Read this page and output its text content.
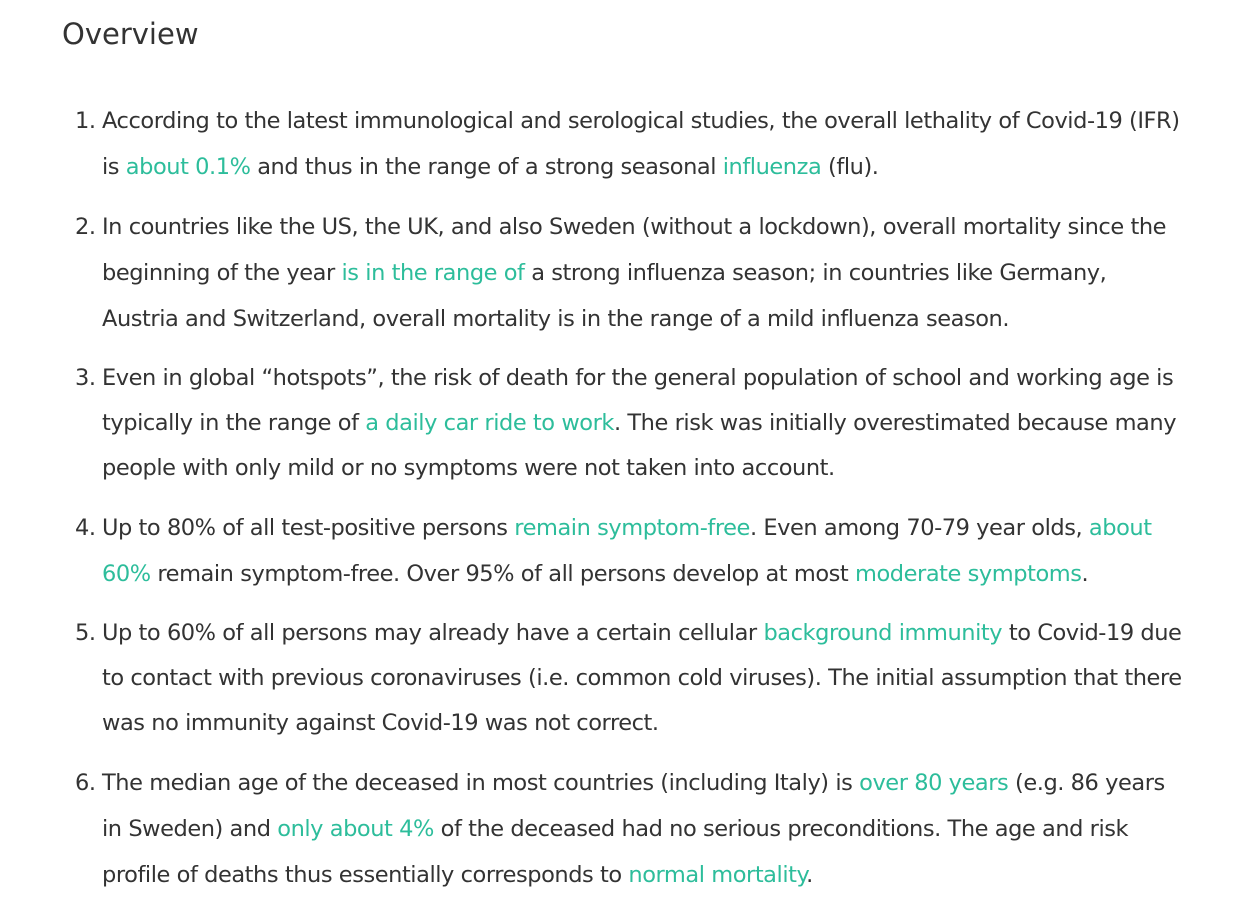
Overview
1. According to the latest immunological and serological studies, the overall lethality of Covid-19 (IFR) is about 0.1% and thus in the range of a strong seasonal influenza (flu).
2. In countries like the US, the UK, and also Sweden (without a lockdown), overall mortality since the beginning of the year is in the range of a strong influenza season; in countries like Germany, Austria and Switzerland, overall mortality is in the range of a mild influenza season.
3. Even in global “hotspots”, the risk of death for the general population of school and working age is typically in the range of a daily car ride to work. The risk was initially overestimated because many people with only mild or no symptoms were not taken into account.
4. Up to 80% of all test-positive persons remain symptom-free. Even among 70-79 year olds, about 60% remain symptom-free. Over 95% of all persons develop at most moderate symptoms.
5. Up to 60% of all persons may already have a certain cellular background immunity to Covid-19 due to contact with previous coronaviruses (i.e. common cold viruses). The initial assumption that there was no immunity against Covid-19 was not correct.
6. The median age of the deceased in most countries (including Italy) is over 80 years (e.g. 86 years in Sweden) and only about 4% of the deceased had no serious preconditions. The age and risk profile of deaths thus essentially corresponds to normal mortality.
